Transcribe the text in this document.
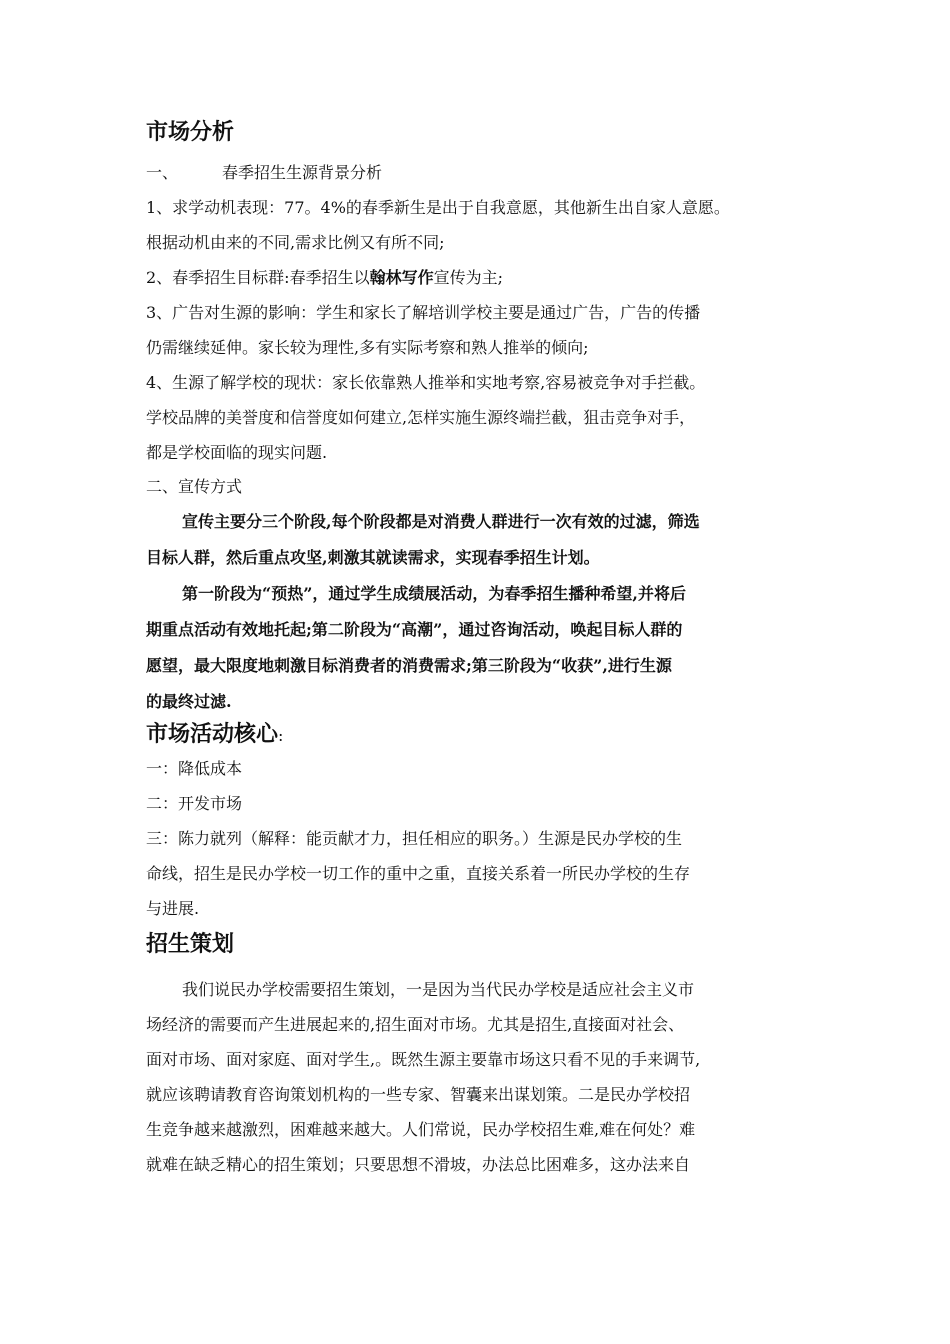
市场分析

一、	春季招生生源背景分析

1、求学动机表现：77。4%的春季新生是出于自我意愿，其他新生出自家人意愿。

根据动机由来的不同,需求比例又有所不同;

2、春季招生目标群:春季招生以翰林写作宣传为主;

3、广告对生源的影响：学生和家长了解培训学校主要是通过广告，广告的传播

仍需继续延伸。家长较为理性,多有实际考察和熟人推举的倾向;

4、生源了解学校的现状：家长依靠熟人推举和实地考察,容易被竞争对手拦截。

学校品牌的美誉度和信誉度如何建立,怎样实施生源终端拦截，狙击竞争对手，

都是学校面临的现实问题.

二、宣传方式

宣传主要分三个阶段,每个阶段都是对消费人群进行一次有效的过滤，筛选

目标人群，然后重点攻坚,刺激其就读需求，实现春季招生计划。

第一阶段为“预热”，通过学生成绩展活动，为春季招生播种希望,并将后

期重点活动有效地托起;第二阶段为“高潮”，通过咨询活动，唤起目标人群的

愿望，最大限度地刺激目标消费者的消费需求;第三阶段为“收获”,进行生源

的最终过滤.

市场活动核心:

一：降低成本

二：开发市场

三：陈力就列（解释：能贡献才力，担任相应的职务。）生源是民办学校的生

命线，招生是民办学校一切工作的重中之重，直接关系着一所民办学校的生存

与进展.

招生策划

我们说民办学校需要招生策划，一是因为当代民办学校是适应社会主义市

场经济的需要而产生进展起来的,招生面对市场。尤其是招生,直接面对社会、

面对市场、面对家庭、面对学生,。既然生源主要靠市场这只看不见的手来调节,

就应该聘请教育咨询策划机构的一些专家、智囊来出谋划策。二是民办学校招

生竞争越来越激烈，困难越来越大。人们常说，民办学校招生难,难在何处？难

就难在缺乏精心的招生策划；只要思想不滑坡，办法总比困难多，这办法来自
